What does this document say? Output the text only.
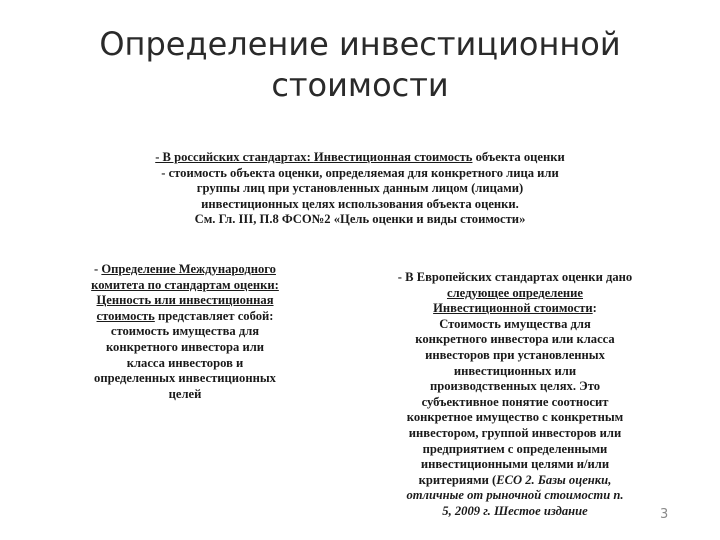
Определение инвестиционной
стоимости
- В российских стандартах: Инвестиционная стоимость объекта оценки
- стоимость объекта оценки, определяемая для конкретного лица или
группы лиц при установленных данным лицом (лицами)
инвестиционных целях использования объекта оценки.
См. Гл. III, П.8 ФСО№2 «Цель оценки и виды стоимости»
- Определение Международного
комитета по стандартам оценки:
Ценность или инвестиционная
стоимость представляет собой:
стоимость имущества для
конкретного инвестора или
класса инвесторов и
определенных инвестиционных
целей
- В Европейских стандартах оценки дано
следующее определение
Инвестиционной стоимости:
Стоимость имущества для
конкретного инвестора или класса
инвесторов при установленных
инвестиционных или
производственных целях. Это
субъективное понятие соотносит
конкретное имущество с конкретным
инвестором, группой инвесторов или
предприятием с определенными
инвестиционными целями и/или
критериями (ЕСО 2. Базы оценки,
отличные от рыночной стоимости п.
5, 2009 г. Шестое издание	3
